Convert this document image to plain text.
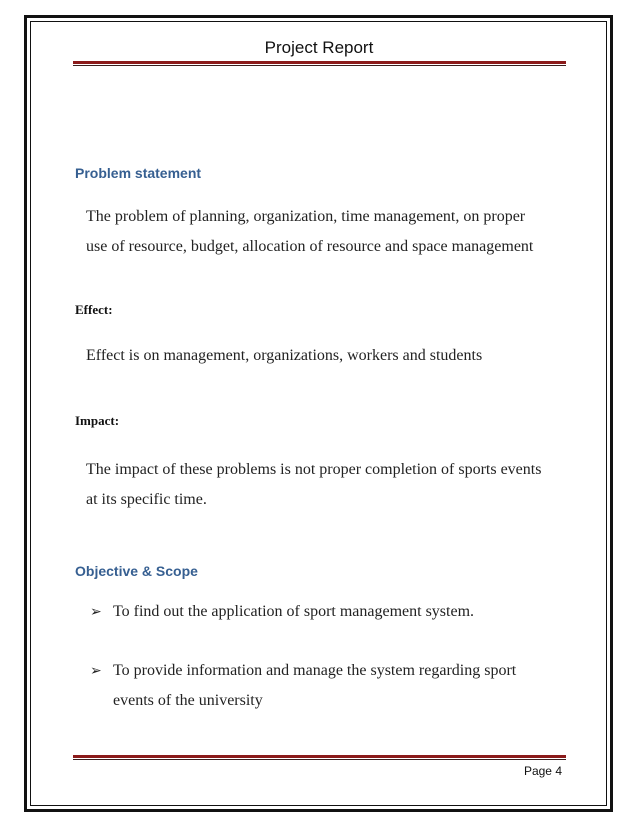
Project Report
Problem statement
The problem of planning, organization, time management, on proper
use of resource, budget, allocation of resource and space management
Effect:
Effect is on management, organizations, workers and students
Impact:
The impact of these problems is not proper completion of sports events
at its specific time.
Objective & Scope
➢ To find out the application of sport management system.
➢ To provide information and manage the system regarding sport
events of the university
Page 4
